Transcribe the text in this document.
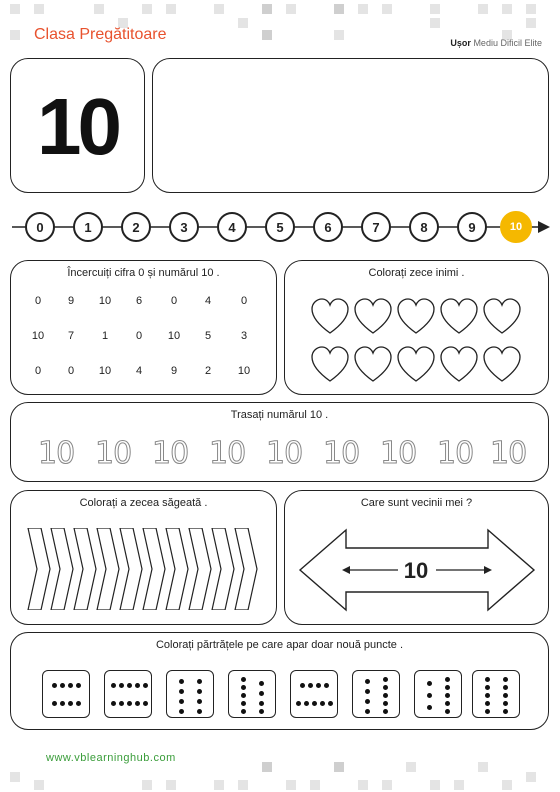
Clasa Pregătitoare	Ușor Mediu Dificil Elite
10
0	1	2	3	4	5	6	7	8	9	10
Încercuiți cifra 0 și numărul 10 .
0	9	10	6	0	4	0
10	7	1	0	10	5	3
0	0	10	4	9	2	10
Colorați zece inimi .
Trasați numărul 10 .
10 10 10 10 10 10 10 10 10
Colorați a zecea săgeată .	Care sunt vecinii mei ?
10
Colorați părtrățele pe care apar doar nouă puncte .
www.vblearninghub.com
